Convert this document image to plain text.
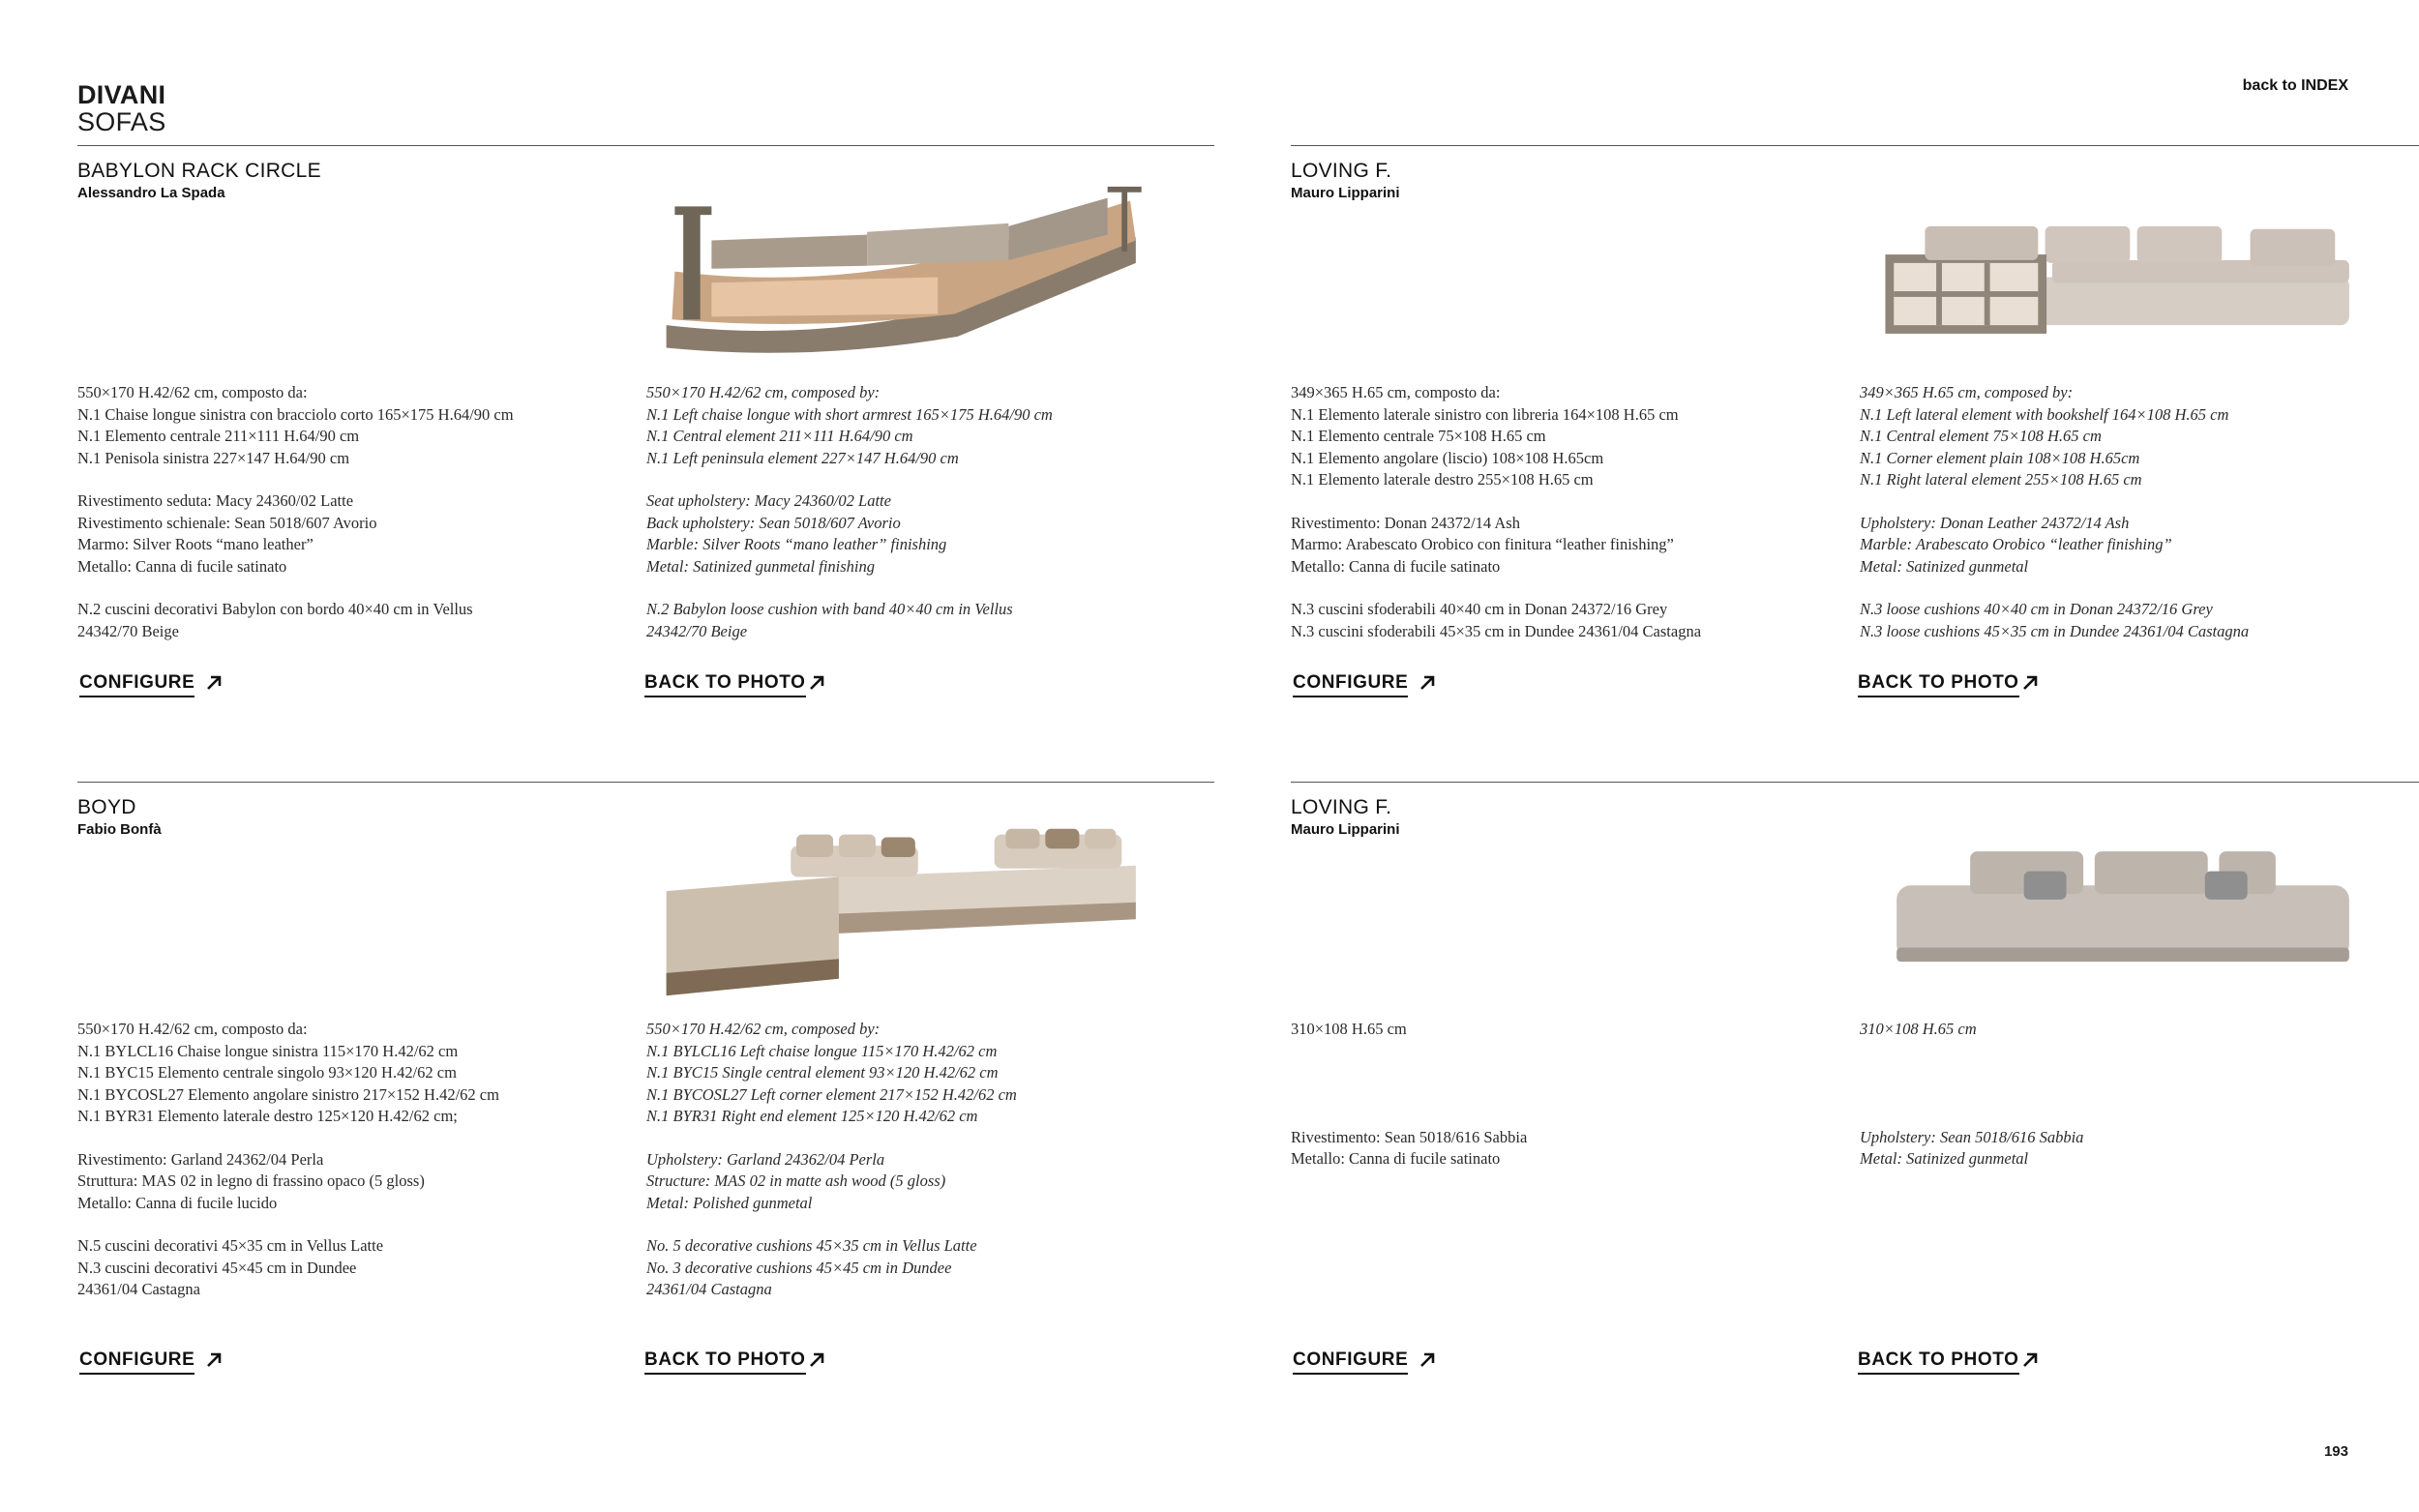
DIVANI
SOFAS
back to INDEX
BABYLON RACK CIRCLE
Alessandro La Spada

550×170 H.42/62 cm, composto da:
N.1 Chaise longue sinistra con bracciolo corto 165×175 H.64/90 cm
N.1 Elemento centrale 211×111 H.64/90 cm
N.1 Penisola sinistra 227×147 H.64/90 cm

Rivestimento seduta: Macy 24360/02 Latte
Rivestimento schienale: Sean 5018/607 Avorio
Marmo: Silver Roots “mano leather”
Metallo: Canna di fucile satinato

N.2 cuscini decorativi Babylon con bordo 40×40 cm in Vellus
24342/70 Beige

550×170 H.42/62 cm, composed by:
N.1 Left chaise longue with short armrest 165×175 H.64/90 cm
N.1 Central element 211×111 H.64/90 cm
N.1 Left peninsula element 227×147 H.64/90 cm

Seat upholstery: Macy 24360/02 Latte
Back upholstery: Sean 5018/607 Avorio
Marble: Silver Roots “mano leather” finishing
Metal: Satinized gunmetal finishing

N.2 Babylon loose cushion with band 40×40 cm in Vellus
24342/70 Beige

CONFIGURE	BACK TO PHOTO
LOVING F.
Mauro Lipparini

349×365 H.65 cm, composto da:
N.1 Elemento laterale sinistro con libreria 164×108 H.65 cm
N.1 Elemento centrale 75×108 H.65 cm
N.1 Elemento angolare (liscio) 108×108 H.65cm
N.1 Elemento laterale destro 255×108 H.65 cm

Rivestimento: Donan 24372/14 Ash
Marmo: Arabescato Orobico con finitura “leather finishing”
Metallo: Canna di fucile satinato

N.3 cuscini sfoderabili 40×40 cm in Donan 24372/16 Grey
N.3 cuscini sfoderabili 45×35 cm in Dundee 24361/04 Castagna

349×365 H.65 cm, composed by:
N.1 Left lateral element with bookshelf 164×108 H.65 cm
N.1 Central element 75×108 H.65 cm
N.1 Corner element plain 108×108 H.65cm
N.1 Right lateral element 255×108 H.65 cm

Upholstery: Donan Leather 24372/14 Ash
Marble: Arabescato Orobico “leather finishing”
Metal: Satinized gunmetal

N.3 loose cushions 40×40 cm in Donan 24372/16 Grey
N.3 loose cushions 45×35 cm in Dundee 24361/04 Castagna

CONFIGURE	BACK TO PHOTO
BOYD
Fabio Bonfà

550×170 H.42/62 cm, composto da:
N.1 BYLCL16 Chaise longue sinistra 115×170 H.42/62 cm
N.1 BYC15 Elemento centrale singolo 93×120 H.42/62 cm
N.1 BYCOSL27 Elemento angolare sinistro 217×152 H.42/62 cm
N.1 BYR31 Elemento laterale destro 125×120 H.42/62 cm;

Rivestimento: Garland 24362/04 Perla
Struttura: MAS 02 in legno di frassino opaco (5 gloss)
Metallo: Canna di fucile lucido

N.5 cuscini decorativi 45×35 cm in Vellus Latte
N.3 cuscini decorativi 45×45 cm in Dundee
24361/04 Castagna

550×170 H.42/62 cm, composed by:
N.1 BYLCL16 Left chaise longue 115×170 H.42/62 cm
N.1 BYC15 Single central element 93×120 H.42/62 cm
N.1 BYCOSL27 Left corner element 217×152 H.42/62 cm
N.1 BYR31 Right end element 125×120 H.42/62 cm

Upholstery: Garland 24362/04 Perla
Structure: MAS 02 in matte ash wood (5 gloss)
Metal: Polished gunmetal

No. 5 decorative cushions 45×35 cm in Vellus Latte
No. 3 decorative cushions 45×45 cm in Dundee
24361/04 Castagna

CONFIGURE	BACK TO PHOTO
LOVING F.
Mauro Lipparini

310×108 H.65 cm

Rivestimento: Sean 5018/616 Sabbia
Metallo: Canna di fucile satinato

310×108 H.65 cm

Upholstery: Sean 5018/616 Sabbia
Metal: Satinized gunmetal

CONFIGURE	BACK TO PHOTO
193
